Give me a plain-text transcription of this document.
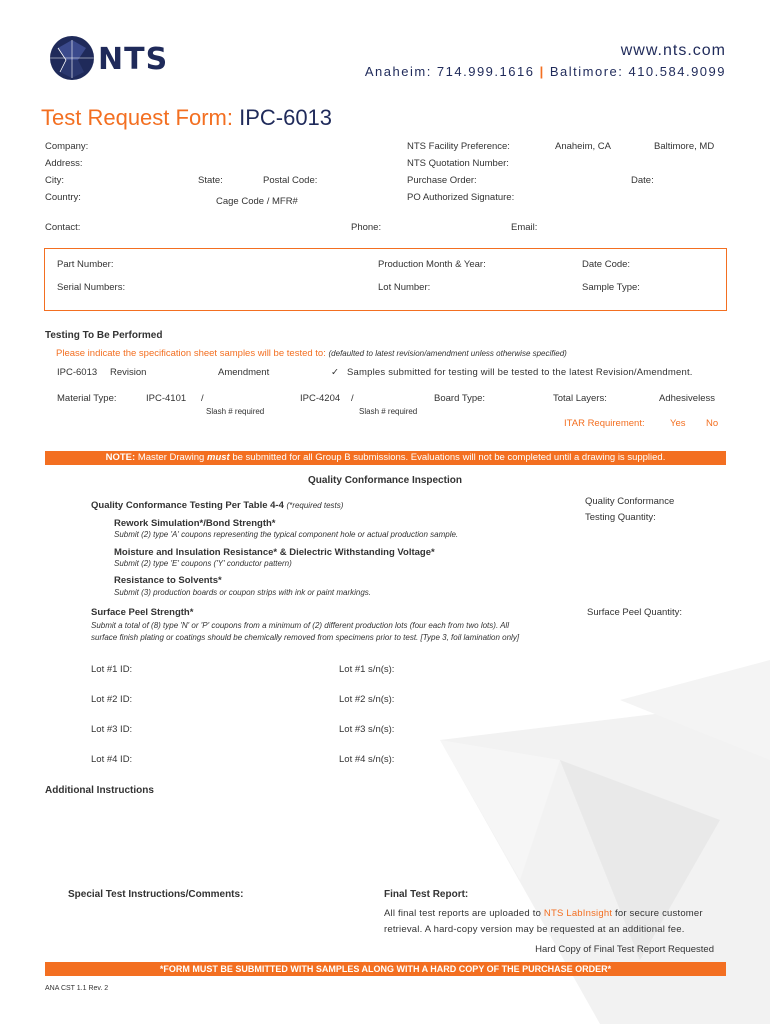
NTS	www.nts.com
Anaheim: 714.999.1616 | Baltimore: 410.584.9099
Test Request Form: IPC-6013
Company:
Address:
City:	State:	Postal Code:
Country:	Cage Code / MFR#
NTS Facility Preference:	Anaheim, CA	Baltimore, MD
NTS Quotation Number:
Purchase Order:	Date:
PO Authorized Signature:
Contact:	Phone:	Email:
Part Number:	Production Month & Year:	Date Code:
Serial Numbers:	Lot Number:	Sample Type:
Testing To Be Performed
Please indicate the specification sheet samples will be tested to: (defaulted to latest revision/amendment unless otherwise specified)
IPC-6013 Revision	Amendment	✓ Samples submitted for testing will be tested to the latest Revision/Amendment.
Material Type:	IPC-4101 /
Slash # required
IPC-4204 /
Slash # required
Board Type:	Total Layers:	Adhesiveless
ITAR Requirement:	Yes No
NOTE: Master Drawing must be submitted for all Group B submissions. Evaluations will not be completed until a drawing is supplied.
Quality Conformance Inspection
Quality Conformance Testing Per Table 4-4 (*required tests)	Quality Conformance
Testing Quantity:
Rework Simulation*/Bond Strength*
Submit (2) type 'A' coupons representing the typical component hole or actual production sample.
Moisture and Insulation Resistance* & Dielectric Withstanding Voltage*
Submit (2) type 'E' coupons ('Y' conductor pattern)
Resistance to Solvents*
Submit (3) production boards or coupon strips with ink or paint markings.
Surface Peel Strength*	Surface Peel Quantity:
Submit a total of (8) type 'N' or 'P' coupons from a minimum of (2) different production lots (four each from two lots). All
surface finish plating or coatings should be chemically removed from specimens prior to test. [Type 3, foil lamination only]
Lot #1 ID:	Lot #1 s/n(s):
Lot #2 ID:	Lot #2 s/n(s):
Lot #3 ID:	Lot #3 s/n(s):
Lot #4 ID:	Lot #4 s/n(s):
Additional Instructions
Special Test Instructions/Comments:	Final Test Report:
All final test reports are uploaded to NTS LabInsight for secure customer
retrieval. A hard-copy version may be requested at an additional fee.
Hard Copy of Final Test Report Requested
*FORM MUST BE SUBMITTED WITH SAMPLES ALONG WITH A HARD COPY OF THE PURCHASE ORDER*
ANA CST 1.1 Rev. 2
